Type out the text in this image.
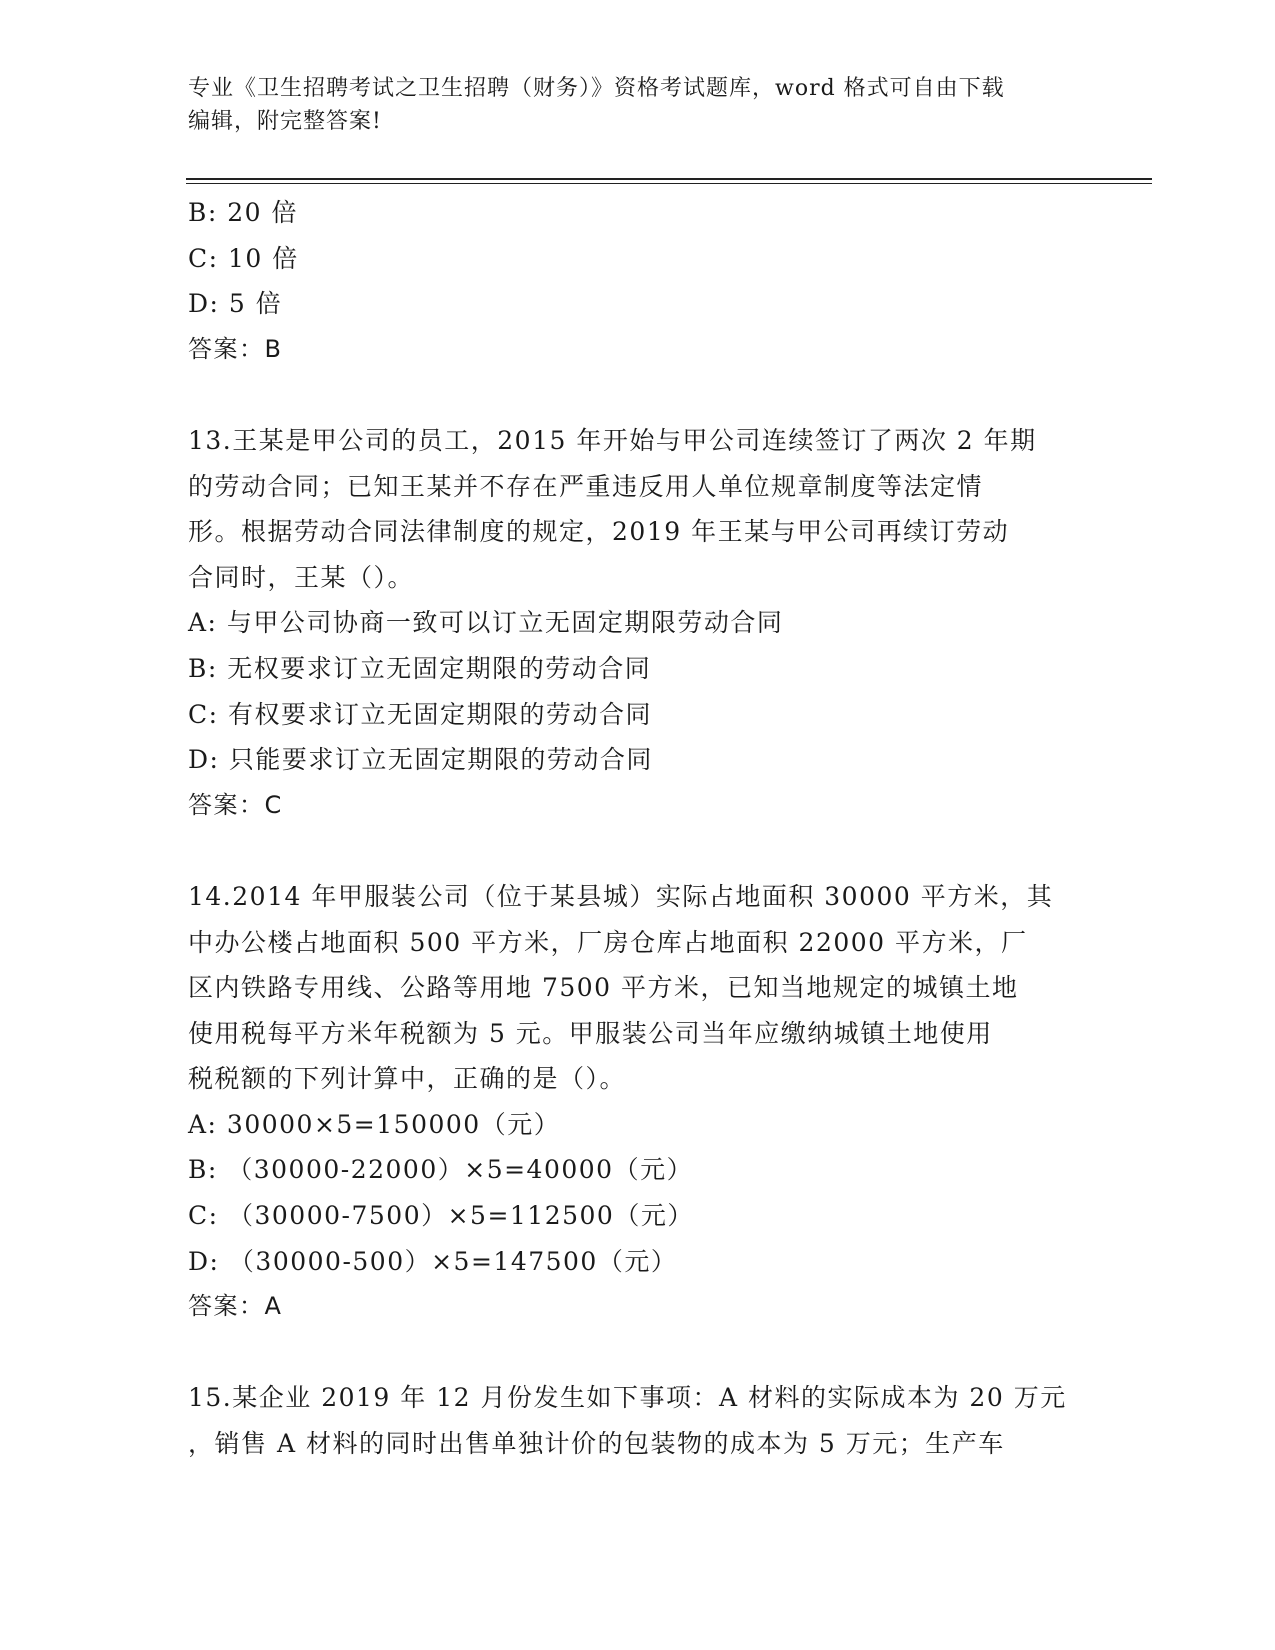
专业《卫生招聘考试之卫生招聘（财务）》资格考试题库，word 格式可自由下载
编辑，附完整答案!
B: 20 倍
C: 10 倍
D: 5 倍
答案：B
13.王某是甲公司的员工，2015 年开始与甲公司连续签订了两次 2 年期
的劳动合同；已知王某并不存在严重违反用人单位规章制度等法定情
形。根据劳动合同法律制度的规定，2019 年王某与甲公司再续订劳动
合同时，王某（）。
A: 与甲公司协商一致可以订立无固定期限劳动合同
B: 无权要求订立无固定期限的劳动合同
C: 有权要求订立无固定期限的劳动合同
D: 只能要求订立无固定期限的劳动合同
答案：C
14.2014 年甲服装公司（位于某县城）实际占地面积 30000 平方米，其
中办公楼占地面积 500 平方米，厂房仓库占地面积 22000 平方米，厂
区内铁路专用线、公路等用地 7500 平方米，已知当地规定的城镇土地
使用税每平方米年税额为 5 元。甲服装公司当年应缴纳城镇土地使用
税税额的下列计算中，正确的是（）。
A: 30000×5=150000（元）
B: （30000-22000）×5=40000（元）
C: （30000-7500）×5=112500（元）
D: （30000-500）×5=147500（元）
答案：A
15.某企业 2019 年 12 月份发生如下事项：A 材料的实际成本为 20 万元
，销售 A 材料的同时出售单独计价的包装物的成本为 5 万元；生产车
